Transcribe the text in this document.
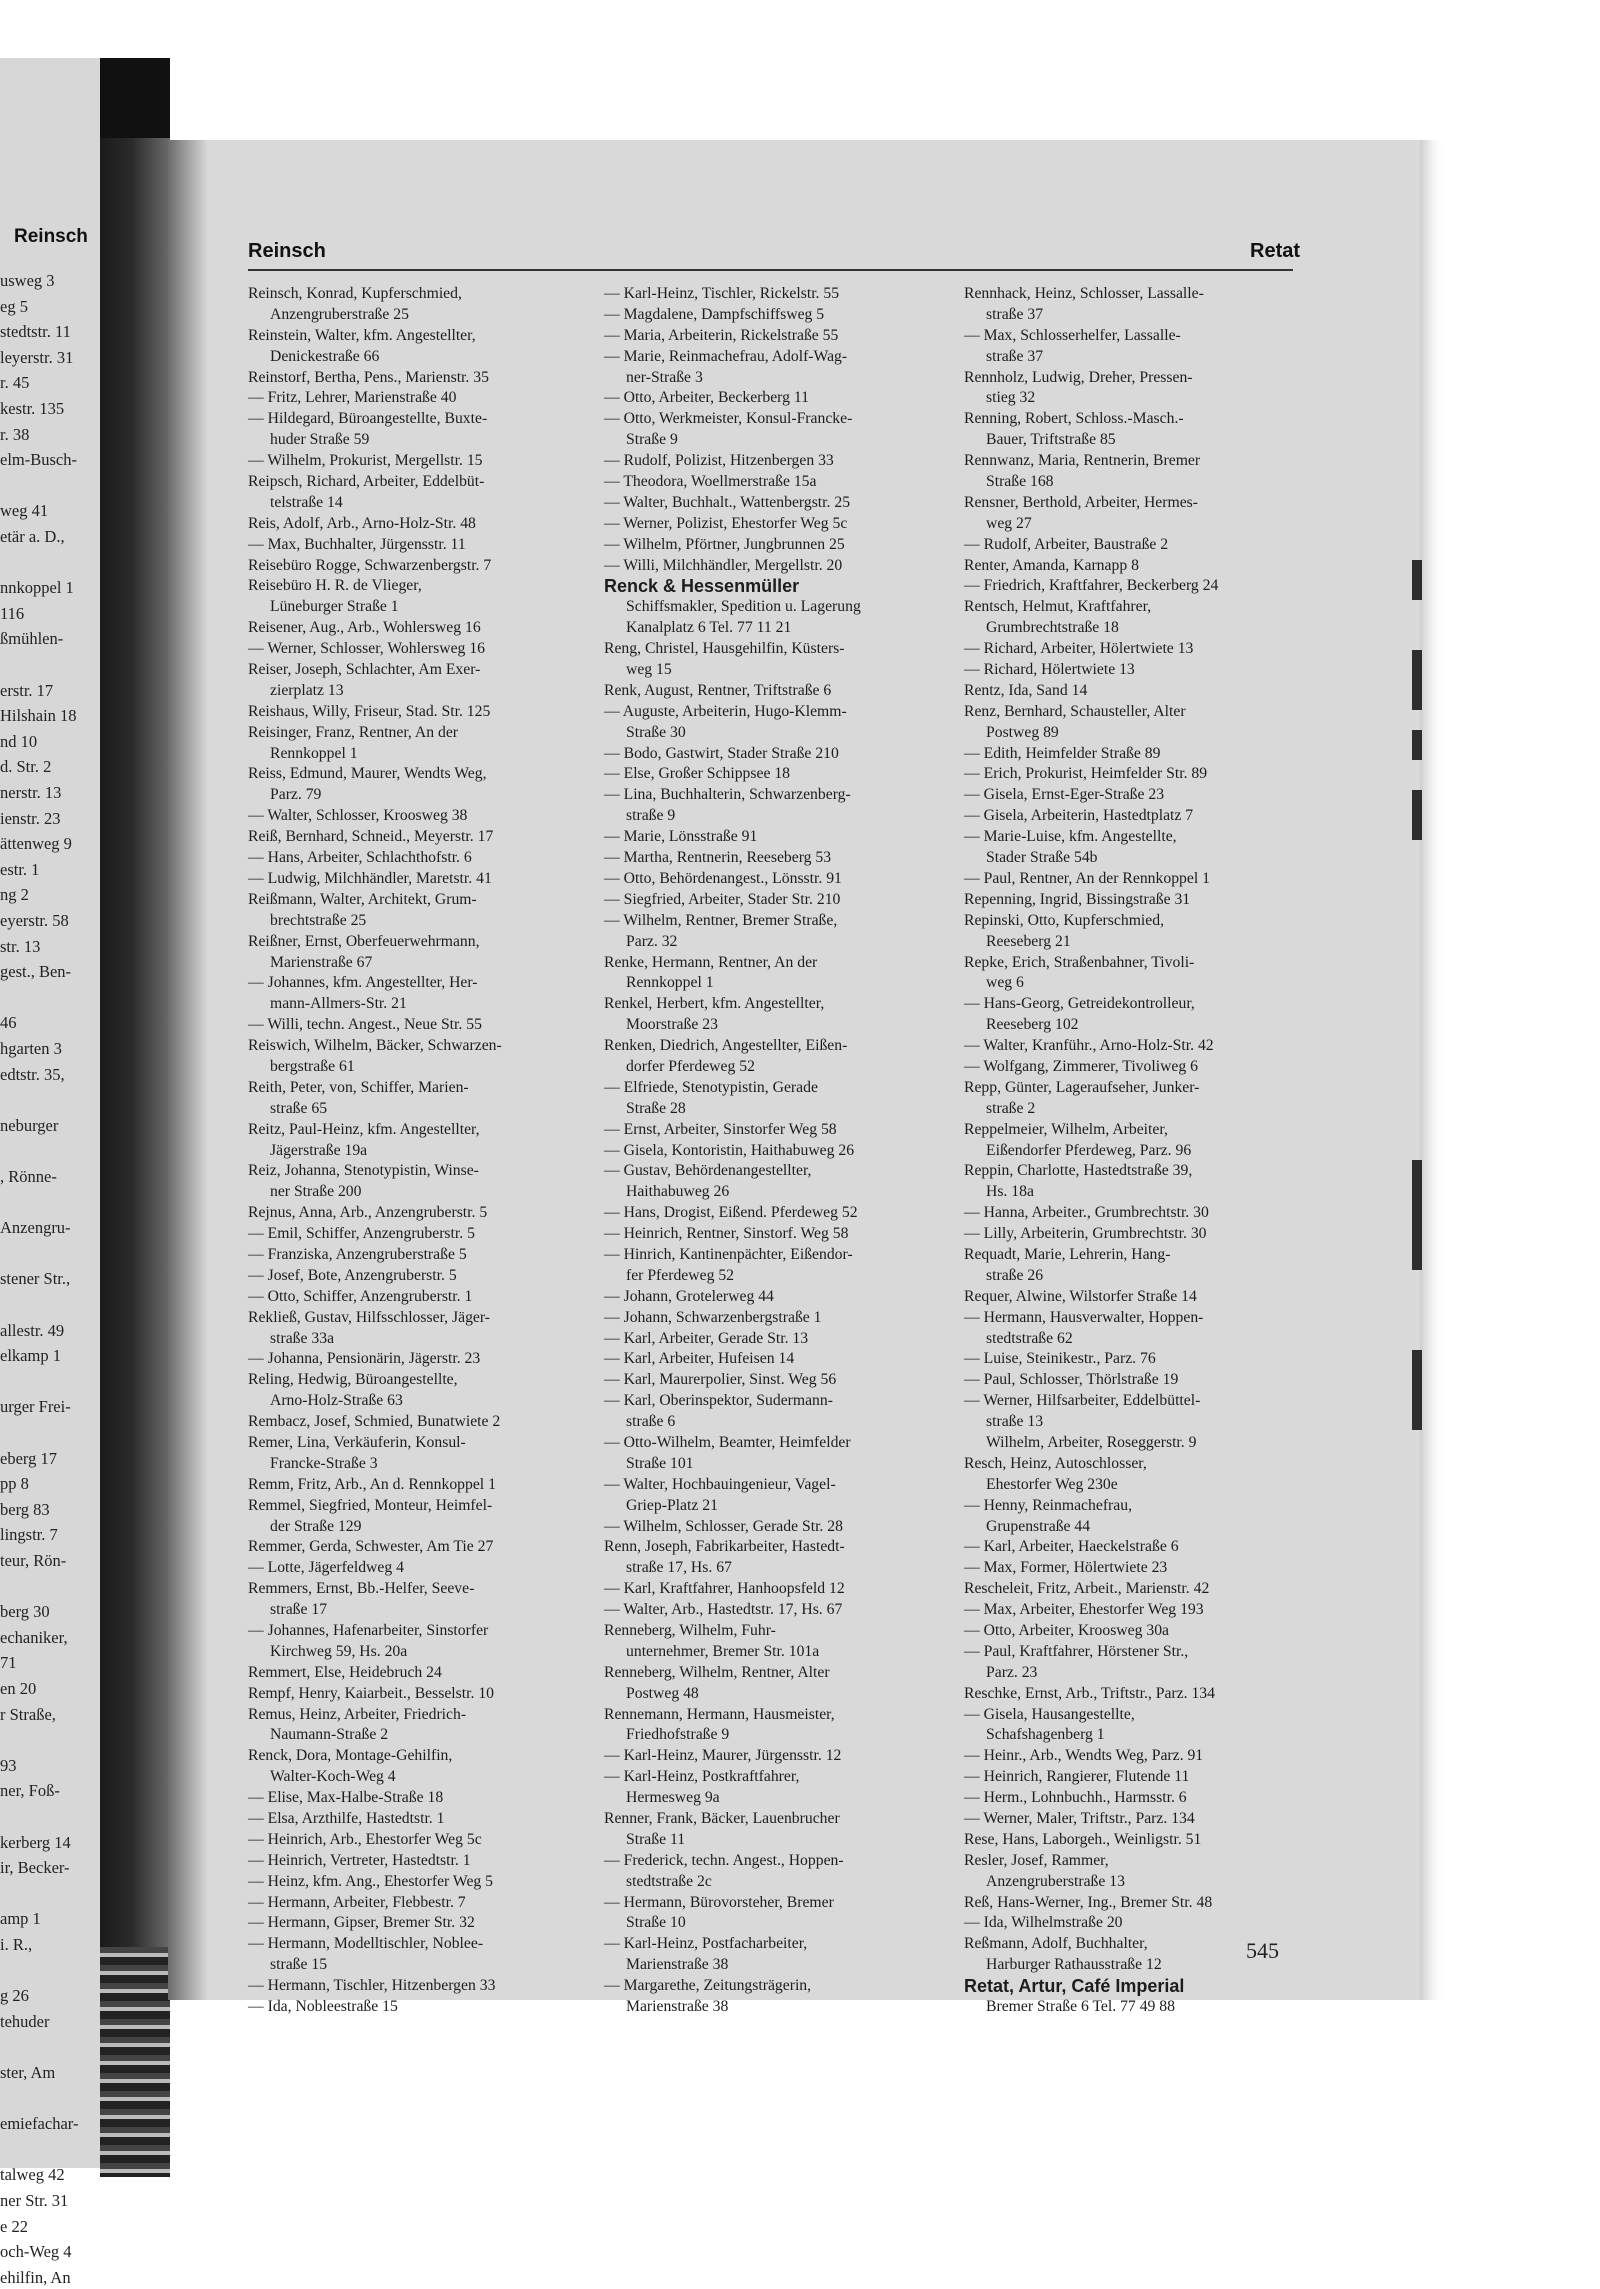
Reinsch
usweg 3
eg 5
stedtstr. 11
leyerstr. 31
r. 45
kestr. 135
r. 38
elm-Busch-
weg 41
etär a. D.,
nnkoppel 1
116
ßmühlen-
erstr. 17
Hilshain 18
nd 10
d. Str. 2
nerstr. 13
ienstr. 23
ättenweg 9
estr. 1
ng 2
eyerstr. 58
str. 13
gest., Ben-
46
hgarten 3
edtstr. 35,
neburger
, Rönne-
Anzengru-
stener Str.,
allestr. 49
elkamp 1
urger Frei-
eberg 17
pp 8
berg 83
lingstr. 7
teur, Rön-
berg 30
echaniker,
71
en 20
r Straße,
93
ner, Foß-
kerberg 14
ir, Becker-
amp 1
i. R.,
g 26
tehuder
ster, Am
emiefachar-
talweg 42
ner Str. 31
e 22
och-Weg 4
ehilfin, An
Reinsch	Retat
Reinsch, Konrad, Kupferschmied,
Anzengruberstraße 25
Reinstein, Walter, kfm. Angestellter,
Denickestraße 66
Reinstorf, Bertha, Pens., Marienstr. 35
— Fritz, Lehrer, Marienstraße 40
— Hildegard, Büroangestellte, Buxte-
huder Straße 59
— Wilhelm, Prokurist, Mergellstr. 15
Reipsch, Richard, Arbeiter, Eddelbüt-
telstraße 14
Reis, Adolf, Arb., Arno-Holz-Str. 48
— Max, Buchhalter, Jürgensstr. 11
Reisebüro Rogge, Schwarzenbergstr. 7
Reisebüro H. R. de Vlieger,
Lüneburger Straße 1
Reisener, Aug., Arb., Wohlersweg 16
— Werner, Schlosser, Wohlersweg 16
Reiser, Joseph, Schlachter, Am Exer-
zierplatz 13
Reishaus, Willy, Friseur, Stad. Str. 125
Reisinger, Franz, Rentner, An der
Rennkoppel 1
Reiss, Edmund, Maurer, Wendts Weg,
Parz. 79
— Walter, Schlosser, Kroosweg 38
Reiß, Bernhard, Schneid., Meyerstr. 17
— Hans, Arbeiter, Schlachthofstr. 6
— Ludwig, Milchhändler, Maretstr. 41
Reißmann, Walter, Architekt, Grum-
brechtstraße 25
Reißner, Ernst, Oberfeuerwehrmann,
Marienstraße 67
— Johannes, kfm. Angestellter, Her-
mann-Allmers-Str. 21
— Willi, techn. Angest., Neue Str. 55
Reiswich, Wilhelm, Bäcker, Schwarzen-
bergstraße 61
Reith, Peter, von, Schiffer, Marien-
straße 65
Reitz, Paul-Heinz, kfm. Angestellter,
Jägerstraße 19a
Reiz, Johanna, Stenotypistin, Winse-
ner Straße 200
Rejnus, Anna, Arb., Anzengruberstr. 5
— Emil, Schiffer, Anzengruberstr. 5
— Franziska, Anzengruberstraße 5
— Josef, Bote, Anzengruberstr. 5
— Otto, Schiffer, Anzengruberstr. 1
Rekließ, Gustav, Hilfsschlosser, Jäger-
straße 33a
— Johanna, Pensionärin, Jägerstr. 23
Reling, Hedwig, Büroangestellte,
Arno-Holz-Straße 63
Rembacz, Josef, Schmied, Bunatwiete 2
Remer, Lina, Verkäuferin, Konsul-
Francke-Straße 3
Remm, Fritz, Arb., An d. Rennkoppel 1
Remmel, Siegfried, Monteur, Heimfel-
der Straße 129
Remmer, Gerda, Schwester, Am Tie 27
— Lotte, Jägerfeldweg 4
Remmers, Ernst, Bb.-Helfer, Seeve-
straße 17
— Johannes, Hafenarbeiter, Sinstorfer
Kirchweg 59, Hs. 20a
Remmert, Else, Heidebruch 24
Rempf, Henry, Kaiarbeit., Besselstr. 10
Remus, Heinz, Arbeiter, Friedrich-
Naumann-Straße 2
Renck, Dora, Montage-Gehilfin,
Walter-Koch-Weg 4
— Elise, Max-Halbe-Straße 18
— Elsa, Arzthilfe, Hastedtstr. 1
— Heinrich, Arb., Ehestorfer Weg 5c
— Heinrich, Vertreter, Hastedtstr. 1
— Heinz, kfm. Ang., Ehestorfer Weg 5
— Hermann, Arbeiter, Flebbestr. 7
— Hermann, Gipser, Bremer Str. 32
— Hermann, Modelltischler, Noblee-
straße 15
— Hermann, Tischler, Hitzenbergen 33
— Ida, Nobleestraße 15
— Karl-Heinz, Tischler, Rickelstr. 55
— Magdalene, Dampfschiffsweg 5
— Maria, Arbeiterin, Rickelstraße 55
— Marie, Reinmachefrau, Adolf-Wag-
ner-Straße 3
— Otto, Arbeiter, Beckerberg 11
— Otto, Werkmeister, Konsul-Francke-
Straße 9
— Rudolf, Polizist, Hitzenbergen 33
— Theodora, Woellmerstraße 15a
— Walter, Buchhalt., Wattenbergstr. 25
— Werner, Polizist, Ehestorfer Weg 5c
— Wilhelm, Pförtner, Jungbrunnen 25
— Willi, Milchhändler, Mergellstr. 20
Renck & Hessenmüller
Schiffsmakler, Spedition u. Lagerung
Kanalplatz 6 Tel. 77 11 21
Reng, Christel, Hausgehilfin, Küsters-
weg 15
Renk, August, Rentner, Triftstraße 6
— Auguste, Arbeiterin, Hugo-Klemm-
Straße 30
— Bodo, Gastwirt, Stader Straße 210
— Else, Großer Schippsee 18
— Lina, Buchhalterin, Schwarzenberg-
straße 9
— Marie, Lönsstraße 91
— Martha, Rentnerin, Reeseberg 53
— Otto, Behördenangest., Lönsstr. 91
— Siegfried, Arbeiter, Stader Str. 210
— Wilhelm, Rentner, Bremer Straße,
Parz. 32
Renke, Hermann, Rentner, An der
Rennkoppel 1
Renkel, Herbert, kfm. Angestellter,
Moorstraße 23
Renken, Diedrich, Angestellter, Eißen-
dorfer Pferdeweg 52
— Elfriede, Stenotypistin, Gerade
Straße 28
— Ernst, Arbeiter, Sinstorfer Weg 58
— Gisela, Kontoristin, Haithabuweg 26
— Gustav, Behördenangestellter,
Haithabuweg 26
— Hans, Drogist, Eißend. Pferdeweg 52
— Heinrich, Rentner, Sinstorf. Weg 58
— Hinrich, Kantinenpächter, Eißendor-
fer Pferdeweg 52
— Johann, Grotelerweg 44
— Johann, Schwarzenbergstraße 1
— Karl, Arbeiter, Gerade Str. 13
— Karl, Arbeiter, Hufeisen 14
— Karl, Maurerpolier, Sinst. Weg 56
— Karl, Oberinspektor, Sudermann-
straße 6
— Otto-Wilhelm, Beamter, Heimfelder
Straße 101
— Walter, Hochbauingenieur, Vagel-
Griep-Platz 21
— Wilhelm, Schlosser, Gerade Str. 28
Renn, Joseph, Fabrikarbeiter, Hastedt-
straße 17, Hs. 67
— Karl, Kraftfahrer, Hanhoopsfeld 12
— Walter, Arb., Hastedtstr. 17, Hs. 67
Renneberg, Wilhelm, Fuhr-
unternehmer, Bremer Str. 101a
Renneberg, Wilhelm, Rentner, Alter
Postweg 48
Rennemann, Hermann, Hausmeister,
Friedhofstraße 9
— Karl-Heinz, Maurer, Jürgensstr. 12
— Karl-Heinz, Postkraftfahrer,
Hermesweg 9a
Renner, Frank, Bäcker, Lauenbrucher
Straße 11
— Frederick, techn. Angest., Hoppen-
stedtstraße 2c
— Hermann, Bürovorsteher, Bremer
Straße 10
— Karl-Heinz, Postfacharbeiter,
Marienstraße 38
— Margarethe, Zeitungsträgerin,
Marienstraße 38
Rennhack, Heinz, Schlosser, Lassalle-
straße 37
— Max, Schlosserhelfer, Lassalle-
straße 37
Rennholz, Ludwig, Dreher, Pressen-
stieg 32
Renning, Robert, Schloss.-Masch.-
Bauer, Triftstraße 85
Rennwanz, Maria, Rentnerin, Bremer
Straße 168
Rensner, Berthold, Arbeiter, Hermes-
weg 27
— Rudolf, Arbeiter, Baustraße 2
Renter, Amanda, Karnapp 8
— Friedrich, Kraftfahrer, Beckerberg 24
Rentsch, Helmut, Kraftfahrer,
Grumbrechtstraße 18
— Richard, Arbeiter, Hölertwiete 13
— Richard, Hölertwiete 13
Rentz, Ida, Sand 14
Renz, Bernhard, Schausteller, Alter
Postweg 89
— Edith, Heimfelder Straße 89
— Erich, Prokurist, Heimfelder Str. 89
— Gisela, Ernst-Eger-Straße 23
— Gisela, Arbeiterin, Hastedtplatz 7
— Marie-Luise, kfm. Angestellte,
Stader Straße 54b
— Paul, Rentner, An der Rennkoppel 1
Repenning, Ingrid, Bissingstraße 31
Repinski, Otto, Kupferschmied,
Reeseberg 21
Repke, Erich, Straßenbahner, Tivoli-
weg 6
— Hans-Georg, Getreidekontrolleur,
Reeseberg 102
— Walter, Kranführ., Arno-Holz-Str. 42
— Wolfgang, Zimmerer, Tivoliweg 6
Repp, Günter, Lageraufseher, Junker-
straße 2
Reppelmeier, Wilhelm, Arbeiter,
Eißendorfer Pferdeweg, Parz. 96
Reppin, Charlotte, Hastedtstraße 39,
Hs. 18a
— Hanna, Arbeiter., Grumbrechtstr. 30
— Lilly, Arbeiterin, Grumbrechtstr. 30
Requadt, Marie, Lehrerin, Hang-
straße 26
Requer, Alwine, Wilstorfer Straße 14
— Hermann, Hausverwalter, Hoppen-
stedtstraße 62
— Luise, Steinikestr., Parz. 76
— Paul, Schlosser, Thörlstraße 19
— Werner, Hilfsarbeiter, Eddelbüttel-
straße 13
Wilhelm, Arbeiter, Roseggerstr. 9
Resch, Heinz, Autoschlosser,
Ehestorfer Weg 230e
— Henny, Reinmachefrau,
Grupenstraße 44
— Karl, Arbeiter, Haeckelstraße 6
— Max, Former, Hölertwiete 23
Rescheleit, Fritz, Arbeit., Marienstr. 42
— Max, Arbeiter, Ehestorfer Weg 193
— Otto, Arbeiter, Kroosweg 30a
— Paul, Kraftfahrer, Hörstener Str.,
Parz. 23
Reschke, Ernst, Arb., Triftstr., Parz. 134
— Gisela, Hausangestellte,
Schafshagenberg 1
— Heinr., Arb., Wendts Weg, Parz. 91
— Heinrich, Rangierer, Flutende 11
— Herm., Lohnbuchh., Harmsstr. 6
— Werner, Maler, Triftstr., Parz. 134
Rese, Hans, Laborgeh., Weinligstr. 51
Resler, Josef, Rammer,
Anzengruberstraße 13
Reß, Hans-Werner, Ing., Bremer Str. 48
— Ida, Wilhelmstraße 20
Reßmann, Adolf, Buchhalter,
Harburger Rathausstraße 12
Retat, Artur, Café Imperial
Bremer Straße 6 Tel. 77 49 88
545
